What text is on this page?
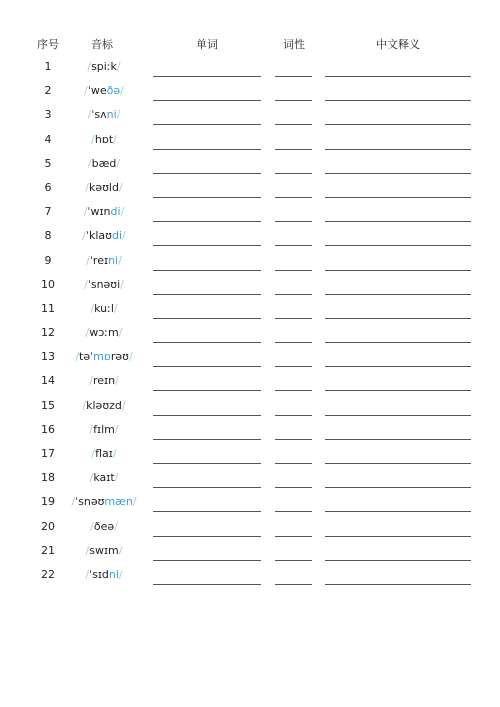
序号	音标	单词	词性	中文释义
1	/spiːk/
2	/ˈweðə/
3	/ˈsʌni/
4	/hɒt/
5	/bæd/
6	/kəʊld/
7	/ˈwɪndi/
8	/ˈklaʊdi/
9	/ˈreɪni/
10	/ˈsnəʊi/
11	/kuːl/
12	/wɔːm/
13	/təˈmɒrəʊ/
14	/reɪn/
15	/kləʊzd/
16	/fɪlm/
17	/flaɪ/
18	/kaɪt/
19	/ˈsnəʊmæn/
20	/ðeə/
21	/swɪm/
22	/ˈsɪdni/
